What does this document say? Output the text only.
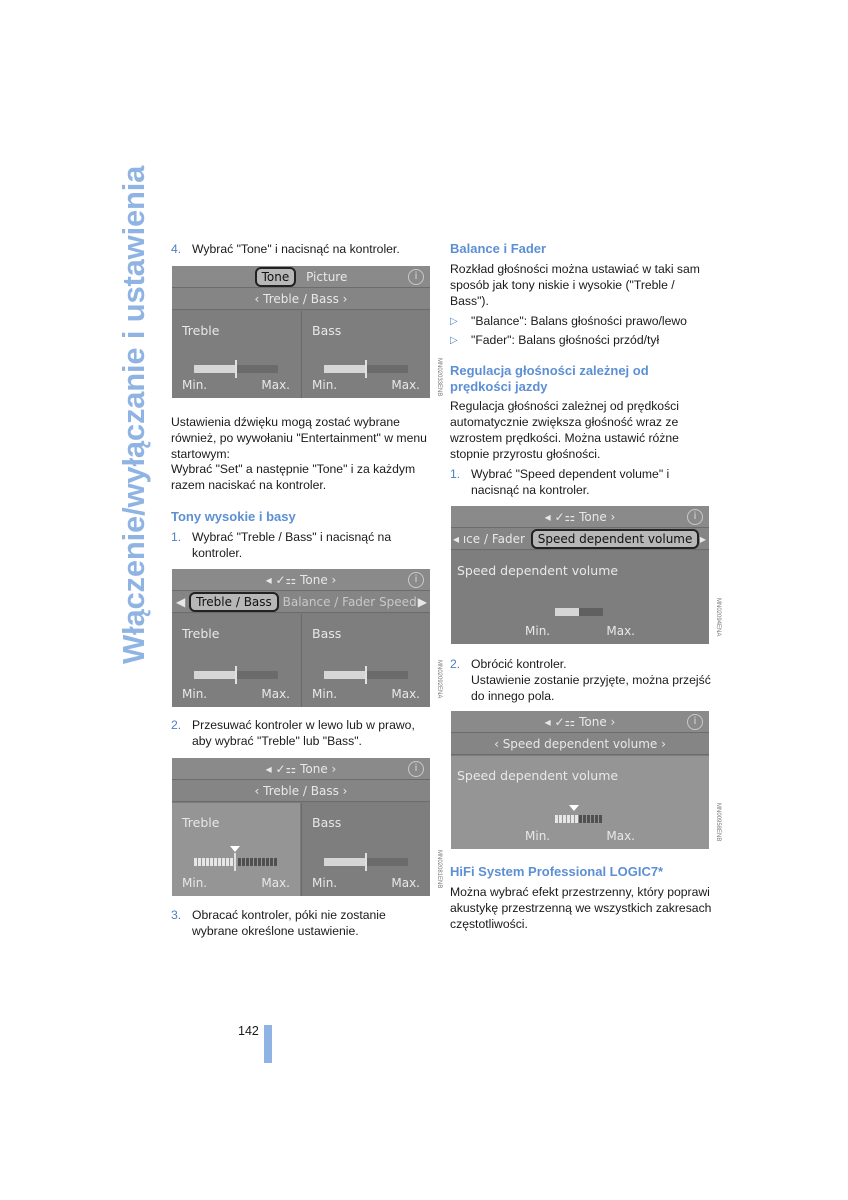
Włączenie/wyłączanie i ustawienia 4. Wybrać "Tone" i nacisnąć na kontroler.
Tone Picture	i
‹ Treble / Bass ›
Treble
Min.	Max.
Bass
Min.	Max.	MN02033ENB

Ustawienia dźwięku mogą zostać wybrane również, po wywołaniu "Entertainment" w menu startowym:

Wybrać "Set" a następnie "Tone" i za każdym razem naciskać na kontroler.

Tony wysokie i basy
1. Wybrać "Treble / Bass" i nacisnąć na kontroler.
◂ ✓⚏ Tone ›	i
◀ Treble / Bass Balance / Fader Speed ▶
Treble
Min.	Max.
Bass
Min.	Max.	MN02092ENA
2. Przesuwać kontroler w lewo lub w prawo, aby wybrać "Treble" lub "Bass".
◂ ✓⚏ Tone ›	i
‹ Treble / Bass ›
Treble
Min.	Max.
Bass
Min.	Max.	MN02081ENB
3. Obracać kontroler, póki nie zostanie wybrane określone ustawienie.
Balance i Fader

Rozkład głośności można ustawiać w taki sam sposób jak tony niskie i wysokie ("Treble / Bass").

▷	"Balance": Balans głośności prawo/lewo
▷	"Fader": Balans głośności przód/tył
Regulacja głośności zależnej od prędkości jazdy

Regulacja głośności zależnej od prędkości automatycznie zwiększa głośność wraz ze wzrostem prędkości. Można ustawić różne stopnie przyrostu głośności.

1. Wybrać "Speed dependent volume" i nacisnąć na kontroler.
◂ ✓⚏ Tone ›	i
◂ ıce / Fader Speed dependent volume ▸
Speed dependent volume
Min.	Max.	MN02094ENA
2. Obrócić kontroler.
Ustawienie zostanie przyjęte, można przejść do innego pola.
◂ ✓⚏ Tone ›	i
‹ Speed dependent volume ›
Speed dependent volume
Min.	Max.	MN00958ENB
HiFi System Professional LOGIC7*

Można wybrać efekt przestrzenny, który poprawi akustykę przestrzenną we wszystkich zakresach częstotliwości.

142
